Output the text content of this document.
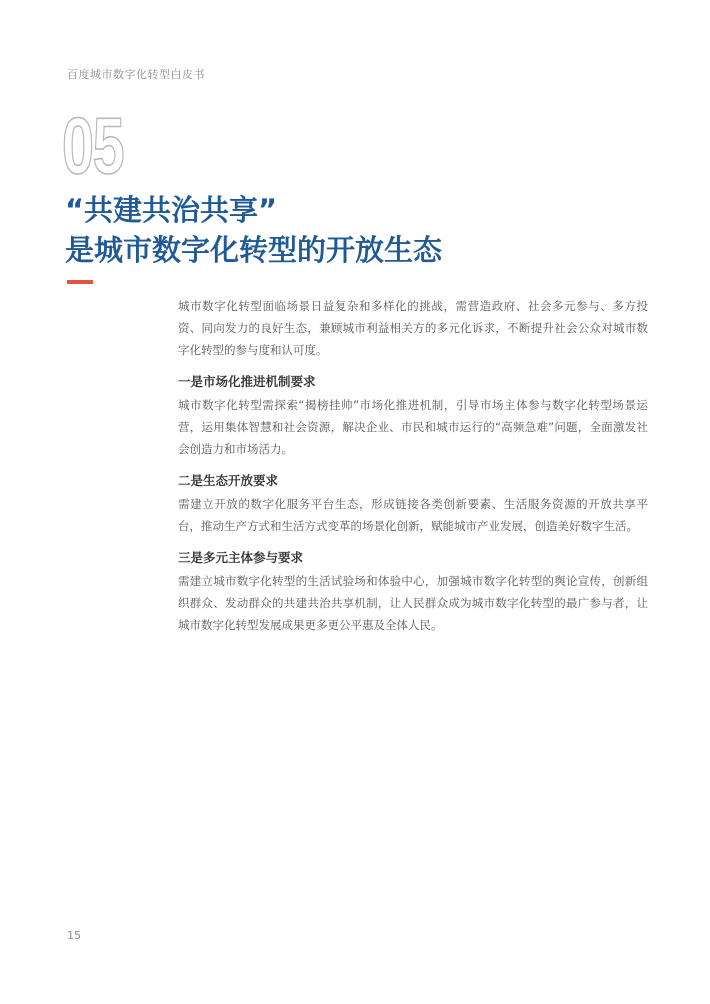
百度城市数字化转型白皮书
05
“共建共治共享”
是城市数字化转型的开放生态

城市数字化转型面临场景日益复杂和多样化的挑战，需营造政府、社会多元参与、多方投资、同向发力的良好生态，兼顾城市利益相关方的多元化诉求，不断提升社会公众对城市数字化转型的参与度和认可度。

一是市场化推进机制要求

城市数字化转型需探索“揭榜挂帅”市场化推进机制，引导市场主体参与数字化转型场景运营，运用集体智慧和社会资源，解决企业、市民和城市运行的“高频急难”问题，全面激发社会创造力和市场活力。

二是生态开放要求

需建立开放的数字化服务平台生态，形成链接各类创新要素、生活服务资源的开放共享平台，推动生产方式和生活方式变革的场景化创新，赋能城市产业发展，创造美好数字生活。

三是多元主体参与要求

需建立城市数字化转型的生活试验场和体验中心，加强城市数字化转型的舆论宣传，创新组织群众、发动群众的共建共治共享机制，让人民群众成为城市数字化转型的最广参与者，让城市数字化转型发展成果更多更公平惠及全体人民。

15
